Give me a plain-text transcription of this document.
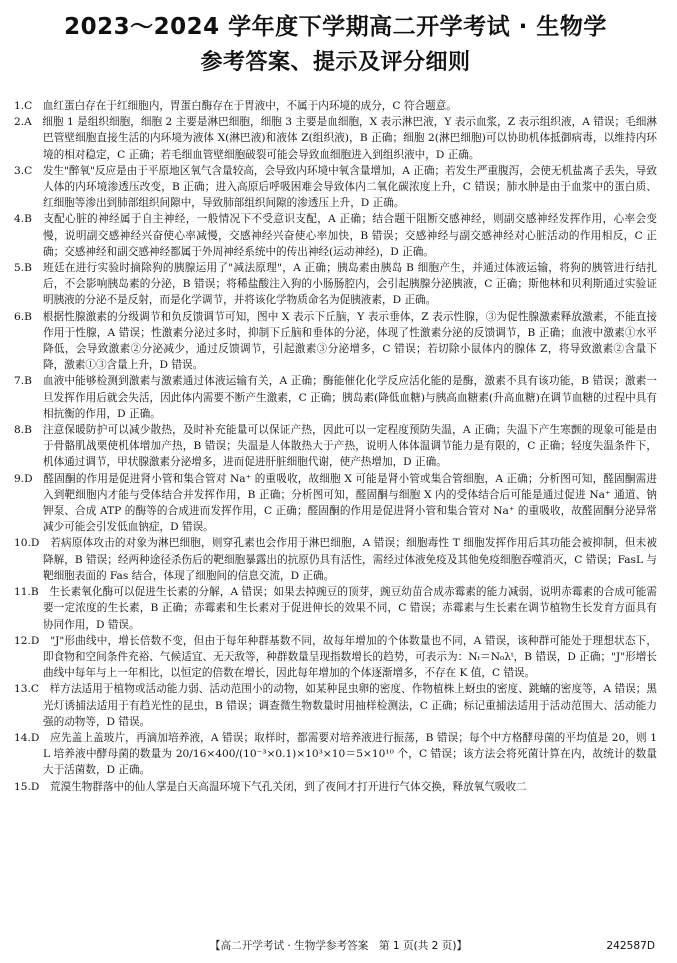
2023～2024 学年度下学期高二开学考试 · 生物学
参考答案、提示及评分细则
1.C　血红蛋白存在于红细胞内，胃蛋白酶存在于胃液中，不属于内环境的成分，C 符合题意。
2.A　细胞 1 是组织细胞，细胞 2 主要是淋巴细胞，细胞 3 主要是血细胞，X 表示淋巴液，Y 表示血浆，Z 表示组织液，A 错误；毛细淋巴管壁细胞直接生活的内环境为液体 X(淋巴液)和液体 Z(组织液)，B 正确；细胞 2(淋巴细胞)可以协助机体抵御病毒，以维持内环境的相对稳定，C 正确；若毛细血管壁细胞破裂可能会导致血细胞进入到组织液中，D 正确。
3.C　发生"醉氧"反应是由于平原地区氧气含量较高，会导致内环境中氧含量增加，A 正确；若发生严重腹泻，会使无机盐离子丢失，导致人体的内环境渗透压改变，B 正确；进入高原后呼吸困难会导致体内二氧化碳浓度上升，C 错误；肺水肿是由于血浆中的蛋白质、红细胞等渗出到肺部组织间隙中，导致肺部组织间隙的渗透压上升，D 正确。
4.B　支配心脏的神经属于自主神经，一般情况下不受意识支配，A 正确；结合题干阻断交感神经，则副交感神经发挥作用，心率会变慢，说明副交感神经兴奋使心率减慢，交感神经兴奋使心率加快，B 错误；交感神经与副交感神经对心脏活动的作用相反，C 正确；交感神经和副交感神经都属于外周神经系统中的传出神经(运动神经)，D 正确。
5.B　班廷在进行实验时摘除狗的胰腺运用了"减法原理"，A 正确；胰岛素由胰岛 B 细胞产生，并通过体液运输，将狗的胰管进行结扎后，不会影响胰岛素的分泌，B 错误；将稀盐酸注入狗的小肠肠腔内，会引起胰腺分泌胰液，C 正确；斯他林和贝利斯通过实验证明胰液的分泌不是反射，而是化学调节，并将该化学物质命名为促胰液素，D 正确。
6.B　根据性腺激素的分级调节和负反馈调节可知，图中 X 表示下丘脑，Y 表示垂体，Z 表示性腺，③为促性腺激素释放激素，不能直接作用于性腺，A 错误；性激素分泌过多时，抑制下丘脑和垂体的分泌，体现了性激素分泌的反馈调节，B 正确；血液中激素①水平降低，会导致激素②分泌减少，通过反馈调节，引起激素③分泌增多，C 错误；若切除小鼠体内的腺体 Z，将导致激素②含量下降，激素①③含量上升，D 错误。
7.B　血液中能够检测到激素与激素通过体液运输有关，A 正确；酶能催化化学反应活化能的是酶，激素不具有该功能，B 错误；激素一旦发挥作用后就会失活，因此体内需要不断产生激素，C 正确；胰岛素(降低血糖)与胰高血糖素(升高血糖)在调节血糖的过程中具有相抗衡的作用，D 正确。
8.B　注意保暖防护可以减少散热，及时补充能量可以保证产热，因此可以一定程度预防失温，A 正确；失温下产生寒颤的现象可能是由于骨骼肌战栗使机体增加产热，B 错误；失温是人体散热大于产热，说明人体体温调节能力是有限的，C 正确；轻度失温条件下，机体通过调节，甲状腺激素分泌增多，进而促进肝脏细胞代谢，使产热增加，D 正确。
9.D　醛固酮的作用是促进肾小管和集合管对 Na⁺ 的重吸收，故细胞 X 可能是肾小管或集合管细胞，A 正确；分析图可知，醛固酮需进入到靶细胞内才能与受体结合并发挥作用，B 正确；分析图可知，醛固酮与细胞 X 内的受体结合后可能是通过促进 Na⁺ 通道、钠钾泵、合成 ATP 的酶等的合成进而发挥作用，C 正确；醛固酮的作用是促进肾小管和集合管对 Na⁺ 的重吸收，故醛固酮分泌异常减少可能会引发低血钠症，D 错误。
10.D　若病原体攻击的对象为淋巴细胞，则穿孔素也会作用于淋巴细胞，A 错误；细胞毒性 T 细胞发挥作用后其功能会被抑制，但未被降解，B 错误；经两种途径杀伤后的靶细胞暴露出的抗原仍具有活性，需经过体液免疫及其他免疫细胞吞噬消灭，C 错误；FasL 与靶细胞表面的 Fas 结合，体现了细胞间的信息交流，D 正确。
11.B　生长素氧化酶可以促进生长素的分解，A 错误；如果去掉豌豆的顶芽，豌豆幼苗合成赤霉素的能力减弱，说明赤霉素的合成可能需要一定浓度的生长素，B 正确；赤霉素和生长素对于促进伸长的效果不同，C 错误；赤霉素与生长素在调节植物生长发育方面具有协同作用，D 错误。
12.D　"J"形曲线中，增长倍数不变，但由于每年种群基数不同，故每年增加的个体数量也不同，A 错误，该种群可能处于理想状态下，即食物和空间条件充裕、气候适宜、无天敌等，种群数量呈现指数增长的趋势，可表示为：Nₜ＝N₀λᵗ，B 错误，D 正确；"J"形增长曲线中每年与上一年相比，以恒定的倍数在增长，因此每年增加的个体逐渐增多，不存在 K 值，C 错误。
13.C　样方法适用于植物或活动能力弱、活动范围小的动物，如某种昆虫卵的密度、作物植株上蚜虫的密度、跳蝻的密度等，A 错误；黑光灯诱捕法适用于有趋光性的昆虫，B 错误；调查微生物数量时用抽样检测法，C 正确；标记重捕法适用于活动范围大、活动能力强的动物等，D 错误。
14.D　应先盖上盖玻片，再滴加培养液，A 错误；取样时，都需要对培养液进行振荡，B 错误；每个中方格酵母菌的平均值是 20，则 1 L 培养液中酵母菌的数量为 20/16×400/(10⁻³×0.1)×10³×10＝5×10¹⁰ 个，C 错误；该方法会将死菌计算在内，故统计的数量大于活菌数，D 正确。
15.D　荒漠生物群落中的仙人掌是白天高温环境下气孔关闭，到了夜间才打开进行气体交换，释放氧气吸收二
【高二开学考试 · 生物学参考答案　第 1 页(共 2 页)】	242587D
